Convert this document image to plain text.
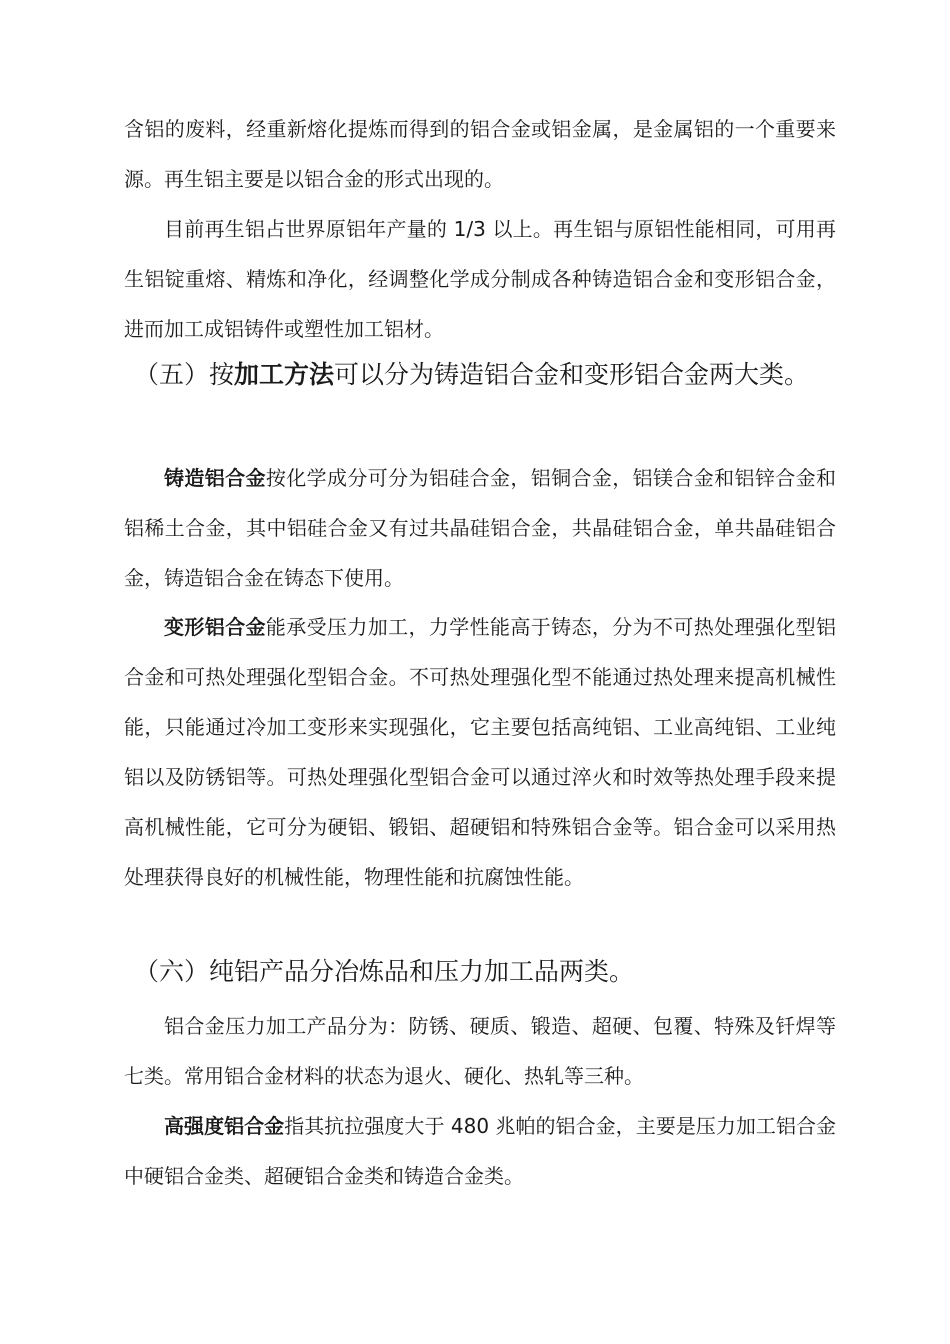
含铝的废料，经重新熔化提炼而得到的铝合金或铝金属，是金属铝的一个重要来源。再生铝主要是以铝合金的形式出现的。

目前再生铝占世界原铝年产量的 1/3 以上。再生铝与原铝性能相同，可用再生铝锭重熔、精炼和净化，经调整化学成分制成各种铸造铝合金和变形铝合金，进而加工成铝铸件或塑性加工铝材。

（五）按加工方法可以分为铸造铝合金和变形铝合金两大类。

铸造铝合金按化学成分可分为铝硅合金，铝铜合金，铝镁合金和铝锌合金和铝稀土合金，其中铝硅合金又有过共晶硅铝合金，共晶硅铝合金，单共晶硅铝合金，铸造铝合金在铸态下使用。

变形铝合金能承受压力加工，力学性能高于铸态，分为不可热处理强化型铝合金和可热处理强化型铝合金。不可热处理强化型不能通过热处理来提高机械性能，只能通过冷加工变形来实现强化，它主要包括高纯铝、工业高纯铝、工业纯铝以及防锈铝等。可热处理强化型铝合金可以通过淬火和时效等热处理手段来提高机械性能，它可分为硬铝、锻铝、超硬铝和特殊铝合金等。铝合金可以采用热处理获得良好的机械性能，物理性能和抗腐蚀性能。

（六）纯铝产品分冶炼品和压力加工品两类。

铝合金压力加工产品分为：防锈、硬质、锻造、超硬、包覆、特殊及钎焊等七类。常用铝合金材料的状态为退火、硬化、热轧等三种。

高强度铝合金指其抗拉强度大于 480 兆帕的铝合金，主要是压力加工铝合金中硬铝合金类、超硬铝合金类和铸造合金类。
